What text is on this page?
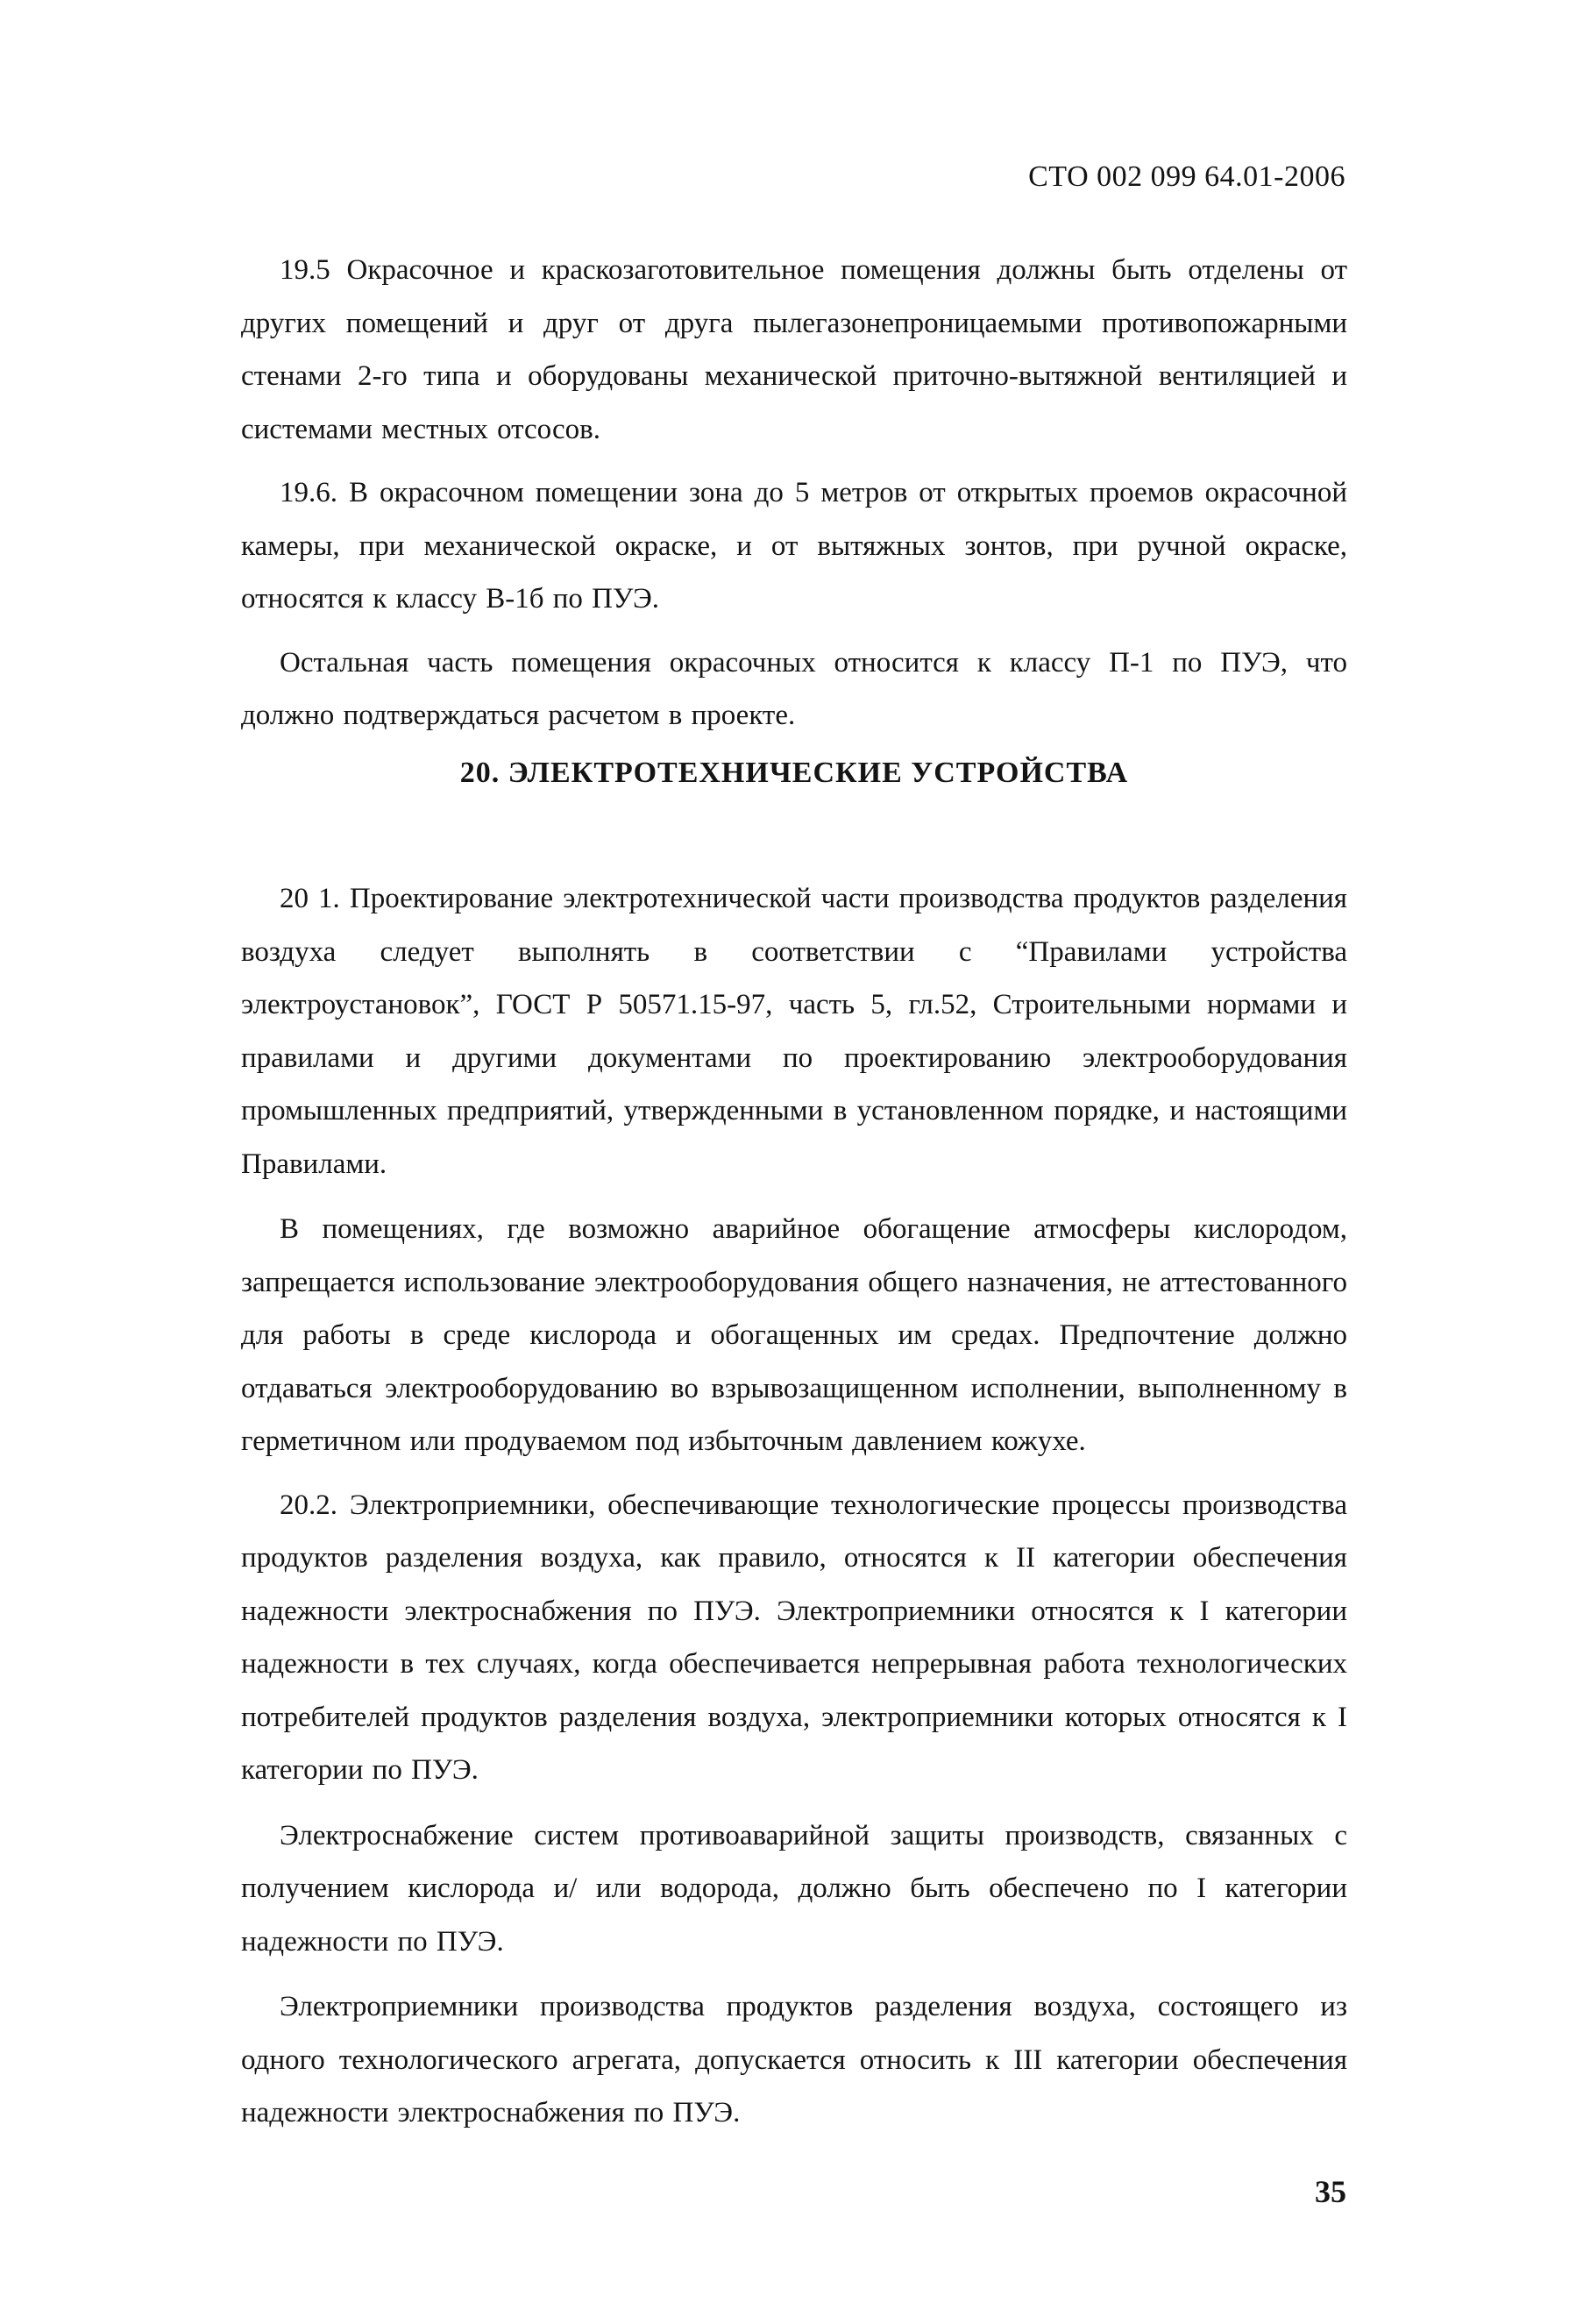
СТО 002 099 64.01-2006

19.5 Окрасочное и краскозаготовительное помещения должны быть отделены от других помещений и друг от друга пылегазонепроницаемыми противопожарными стенами 2-го типа и оборудованы механической приточно-вытяжной вентиляцией и системами местных отсосов.

19.6. В окрасочном помещении зона до 5 метров от открытых проемов окрасочной камеры, при механической окраске, и от вытяжных зонтов, при ручной окраске, относятся к классу В-1б по ПУЭ.

Остальная часть помещения окрасочных относится к классу П-1 по ПУЭ, что должно подтверждаться расчетом в проекте.

20. ЭЛЕКТРОТЕХНИЧЕСКИЕ УСТРОЙСТВА

20 1. Проектирование электротехнической части производства продуктов разделения воздуха следует выполнять в соответствии с “Правилами устройства электроустановок”, ГОСТ Р 50571.15-97, часть 5, гл.52, Строительными нормами и правилами и другими документами по проектированию электрооборудования промышленных предприятий, утвержденными в установленном порядке, и настоящими Правилами.

В помещениях, где возможно аварийное обогащение атмосферы кислородом, запрещается использование электрооборудования общего назначения, не аттестованного для работы в среде кислорода и обогащенных им средах. Предпочтение должно отдаваться электрооборудованию во взрывозащищенном исполнении, выполненному в герметичном или продуваемом под избыточным давлением кожухе.

20.2. Электроприемники, обеспечивающие технологические процессы производства продуктов разделения воздуха, как правило, относятся к II категории обеспечения надежности электроснабжения по ПУЭ. Электроприемники относятся к I категории надежности в тех случаях, когда обеспечивается непрерывная работа технологических потребителей продуктов разделения воздуха, электроприемники которых относятся к I категории по ПУЭ.

Электроснабжение систем противоаварийной защиты производств, связанных с получением кислорода и/ или водорода, должно быть обеспечено по I категории надежности по ПУЭ.

Электроприемники производства продуктов разделения воздуха, состоящего из одного технологического агрегата, допускается относить к III категории обеспечения надежности электроснабжения по ПУЭ.

35
